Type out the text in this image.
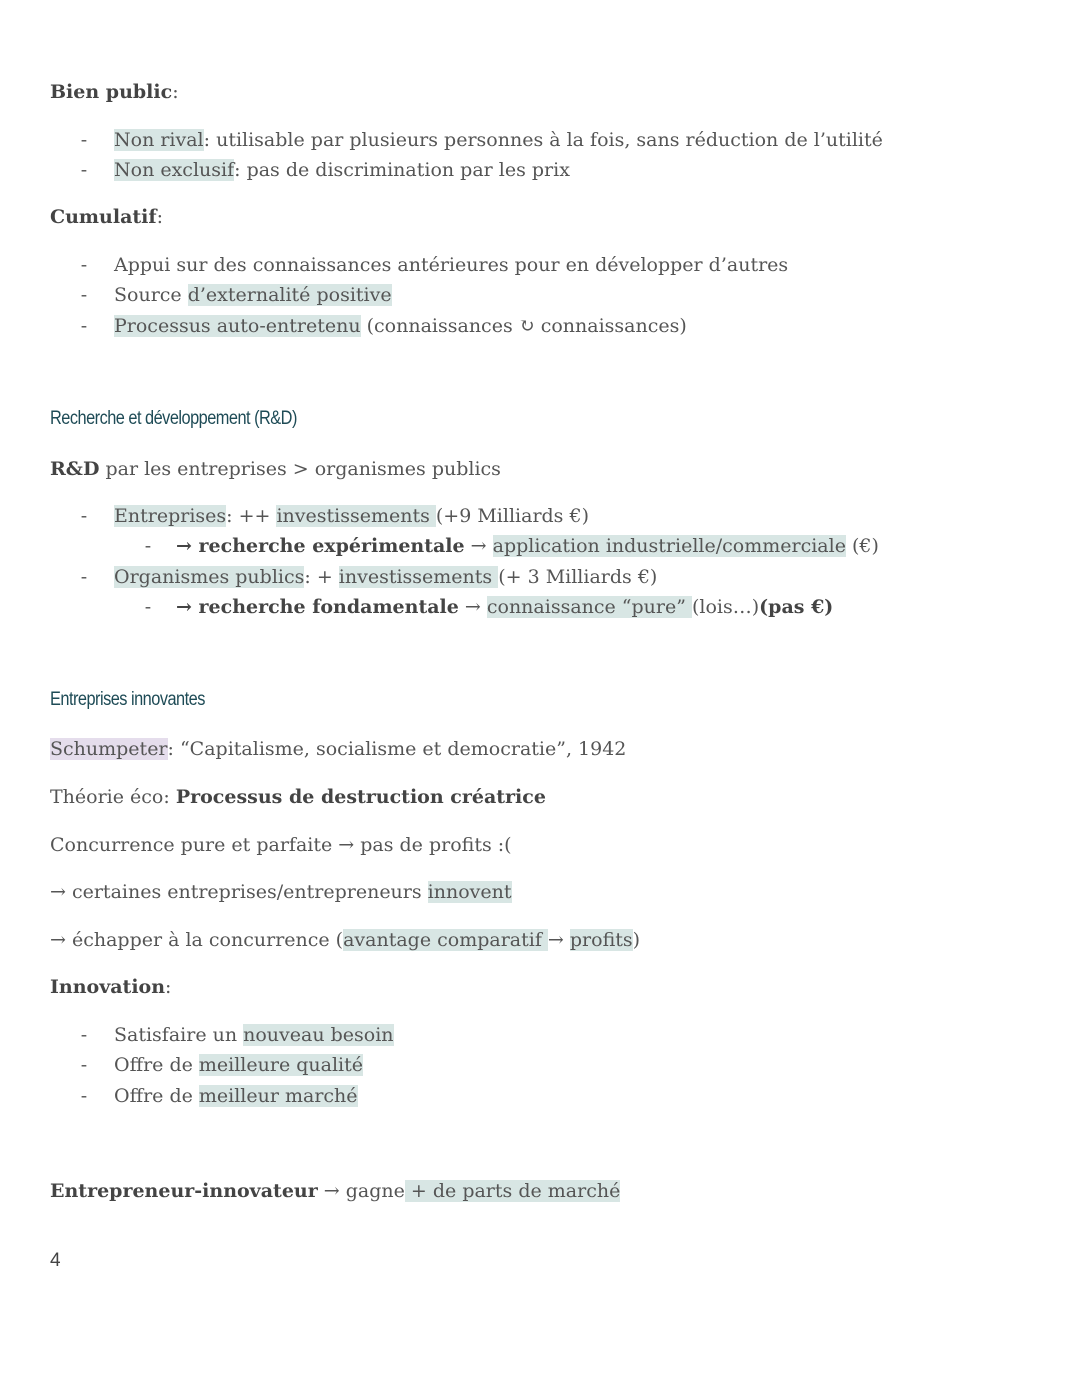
Bien public:
-	Non rival: utilisable par plusieurs personnes à la fois, sans réduction de l’utilité
-	Non exclusif: pas de discrimination par les prix
Cumulatif:
-	Appui sur des connaissances antérieures pour en développer d’autres
-	Source d’externalité positive
-	Processus auto-entretenu (connaissances ↻ connaissances)
Recherche et développement (R&D)
R&D par les entreprises > organismes publics
-	Entreprises: ++ investissements (+9 Milliards €)
-	→ recherche expérimentale → application industrielle/commerciale (€)
-	Organismes publics: + investissements (+ 3 Milliards €)
-	→ recherche fondamentale → connaissance “pure” (lois…)(pas €)
Entreprises innovantes
Schumpeter: “Capitalisme, socialisme et democratie”, 1942
Théorie éco: Processus de destruction créatrice
Concurrence pure et parfaite → pas de profits :(
→ certaines entreprises/entrepreneurs innovent
→ échapper à la concurrence (avantage comparatif → profits)
Innovation:
-	Satisfaire un nouveau besoin
-	Offre de meilleure qualité
-	Offre de meilleur marché
Entrepreneur-innovateur → gagne + de parts de marché
4
